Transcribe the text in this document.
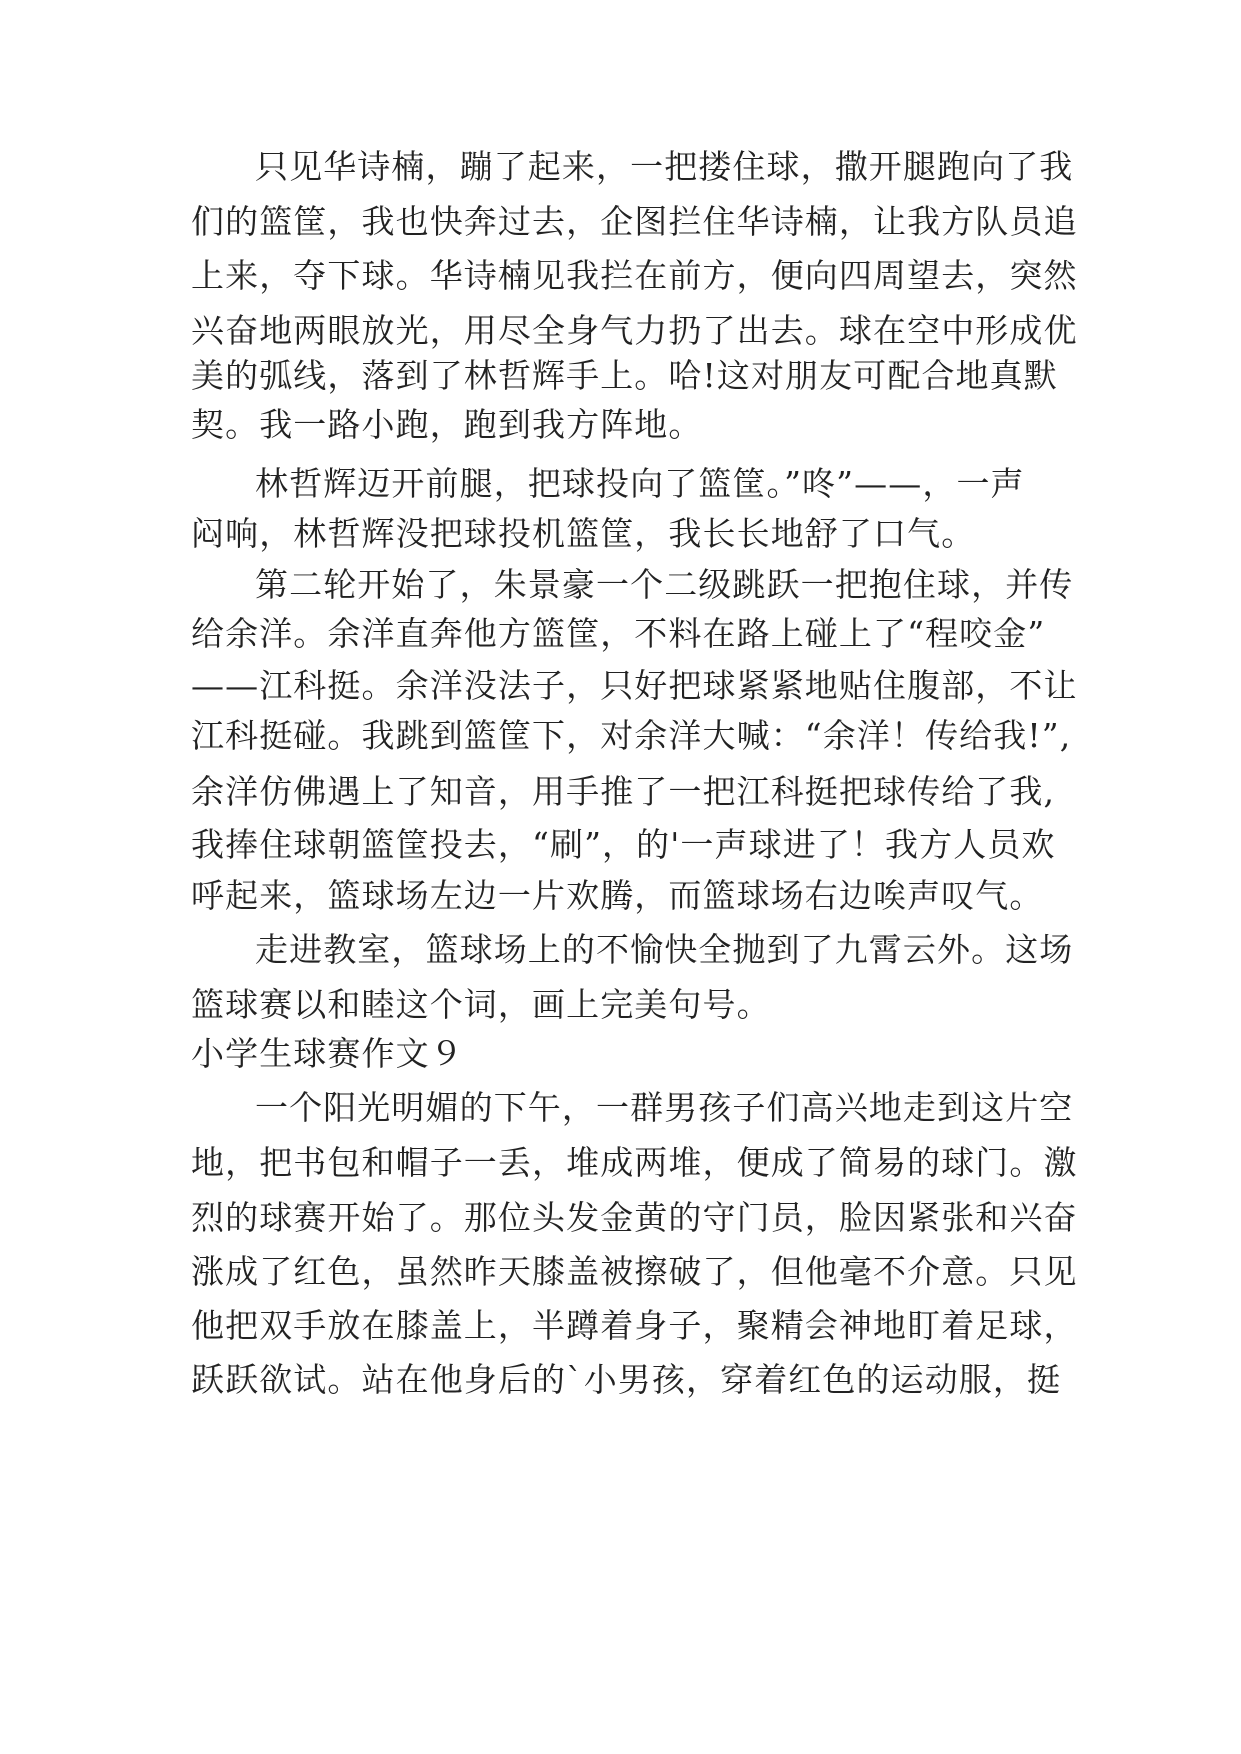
只见华诗楠，蹦了起来，一把搂住球，撒开腿跑向了我
们的篮筐，我也快奔过去，企图拦住华诗楠，让我方队员追
上来，夺下球。华诗楠见我拦在前方，便向四周望去，突然
兴奋地两眼放光，用尽全身气力扔了出去。球在空中形成优
美的弧线，落到了林哲辉手上。哈!这对朋友可配合地真默
契。我一路小跑，跑到我方阵地。
林哲辉迈开前腿，把球投向了篮筐。”咚”——，一声
闷响，林哲辉没把球投机篮筐，我长长地舒了口气。
第二轮开始了，朱景豪一个二级跳跃一把抱住球，并传
给余洋。余洋直奔他方篮筐，不料在路上碰上了“程咬金”
——江科挺。余洋没法子，只好把球紧紧地贴住腹部，不让
江科挺碰。我跳到篮筐下，对余洋大喊：“余洋！传给我!”,
余洋仿佛遇上了知音，用手推了一把江科挺把球传给了我,
我捧住球朝篮筐投去，“刷”，的'一声球进了！我方人员欢
呼起来，篮球场左边一片欢腾，而篮球场右边唉声叹气。
走进教室，篮球场上的不愉快全抛到了九霄云外。这场
篮球赛以和睦这个词，画上完美句号。
小学生球赛作文９
一个阳光明媚的下午，一群男孩子们高兴地走到这片空
地，把书包和帽子一丢，堆成两堆，便成了简易的球门。激
烈的球赛开始了。那位头发金黄的守门员，脸因紧张和兴奋
涨成了红色，虽然昨天膝盖被擦破了，但他毫不介意。只见
他把双手放在膝盖上，半蹲着身子，聚精会神地盯着足球，
跃跃欲试。站在他身后的`小男孩，穿着红色的运动服，挺
